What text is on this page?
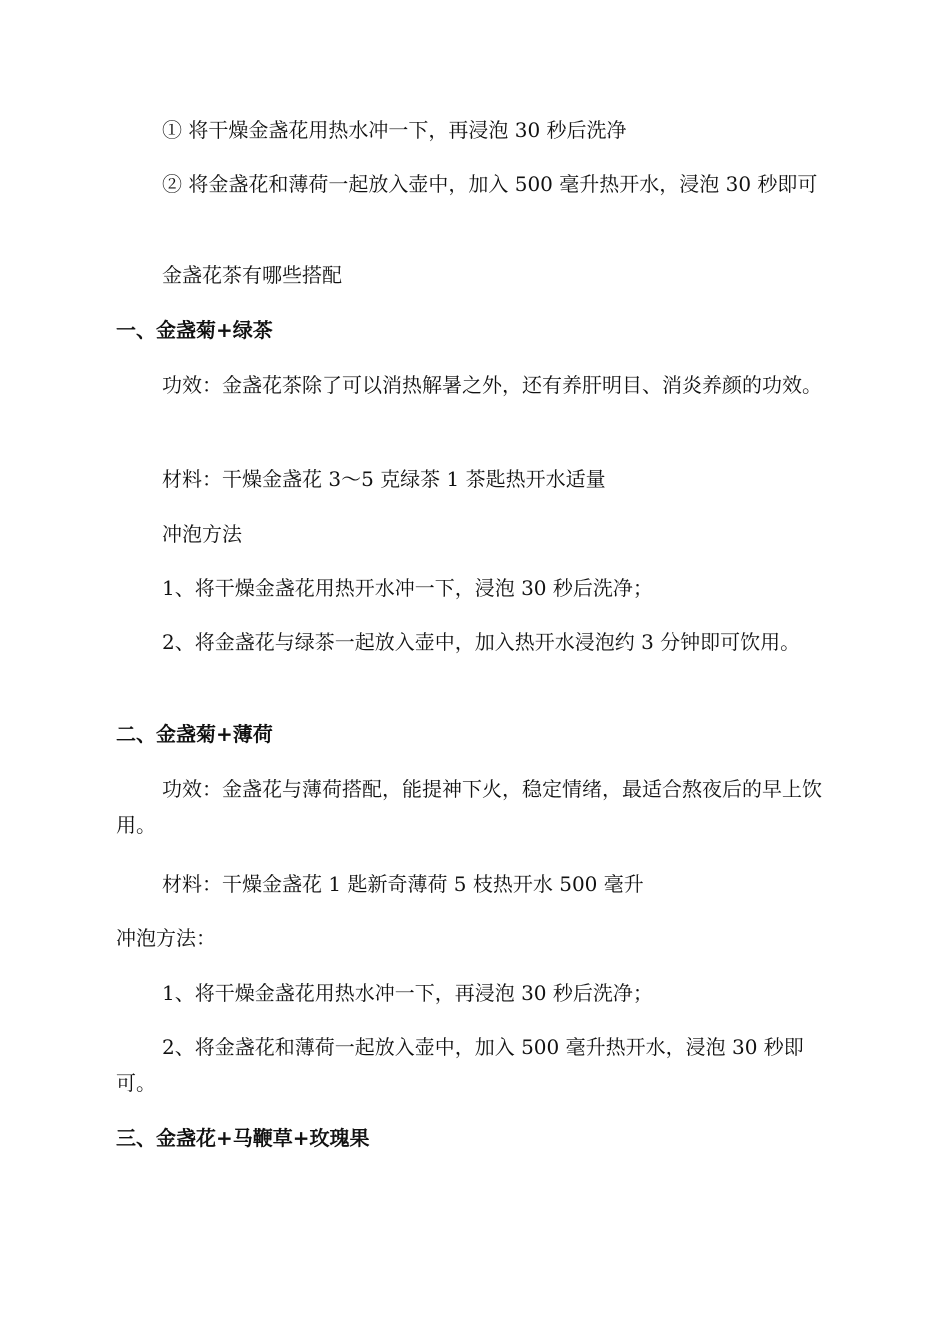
① 将干燥金盏花用热水冲一下，再浸泡 30 秒后洗净

② 将金盏花和薄荷一起放入壶中，加入 500 毫升热开水，浸泡 30 秒即可

金盏花茶有哪些搭配

一、金盏菊+绿茶

功效：金盏花茶除了可以消热解暑之外，还有养肝明目、消炎养颜的功效。

材料：干燥金盏花 3～5 克绿茶 1 茶匙热开水适量

冲泡方法

1、将干燥金盏花用热开水冲一下，浸泡 30 秒后洗净；

2、将金盏花与绿茶一起放入壶中，加入热开水浸泡约 3 分钟即可饮用。

二、金盏菊+薄荷

功效：金盏花与薄荷搭配，能提神下火，稳定情绪，最适合熬夜后的早上饮用。

材料：干燥金盏花 1 匙新奇薄荷 5 枝热开水 500 毫升

冲泡方法：

1、将干燥金盏花用热水冲一下，再浸泡 30 秒后洗净；

2、将金盏花和薄荷一起放入壶中，加入 500 毫升热开水，浸泡 30 秒即可。

三、金盏花+马鞭草+玫瑰果
